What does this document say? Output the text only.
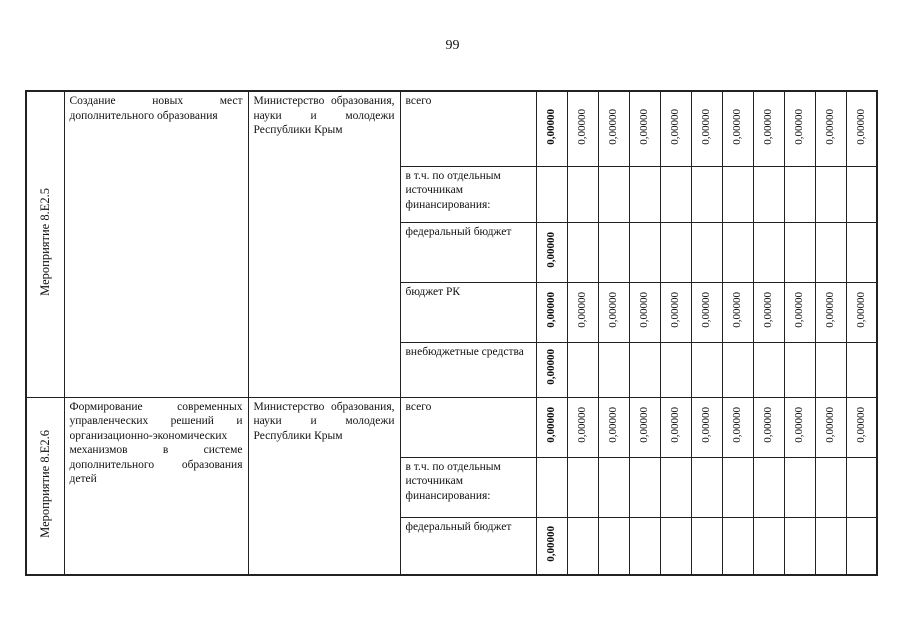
99
Мероприятие 8.Е2.5	Создание новых мест дополнительного образования	Министерство образования, науки и молодежи Республики Крым	всего	0,00000	0,00000	0,00000	0,00000	0,00000	0,00000	0,00000	0,00000	0,00000	0,00000	0,00000
			в т.ч. по отдельным источникам финансирования:											
			федеральный бюджет	0,00000										
			бюджет РК	0,00000	0,00000	0,00000	0,00000	0,00000	0,00000	0,00000	0,00000	0,00000	0,00000	0,00000
			внебюджетные средства	0,00000										
Мероприятие 8.Е2.6	Формирование современных управленческих решений и организационно-экономических механизмов в системе дополнительного образования детей	Министерство образования, науки и молодежи Республики Крым	всего	0,00000	0,00000	0,00000	0,00000	0,00000	0,00000	0,00000	0,00000	0,00000	0,00000	0,00000
			в т.ч. по отдельным источникам финансирования:											
			федеральный бюджет	0,00000										
